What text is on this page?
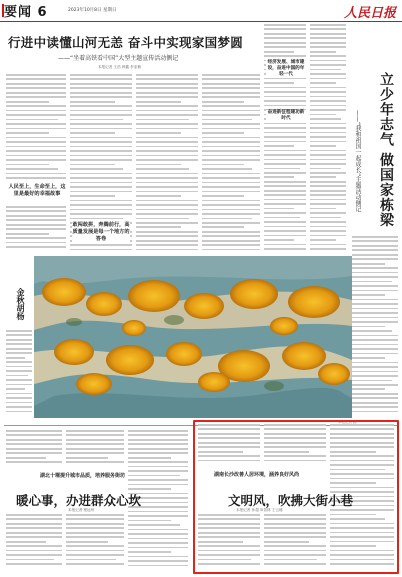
要闻 6	2023年10月8日 星期日	人民日报
行进中读懂山河无恙 奋斗中实现家国梦圆
——“坐着高铁看中国”大型主题宣传活动侧记
本报记者 王浩 韩鑫 李亚楠
人民至上，生命至上，这里是最好的幸福故事
敢闯敢拼，奔腾前行，高质量发展是每一个地方的答卷
经济发展、城市建设，奋进中国的年轻一代
奋进新征程建功新时代	立少年志气 做国家栋梁
——“我和祖国一起成长”主题活动侧记
金秋胡杨
本报记者 摄
湖北十堰提升城市品质，培养服务街坊
暖心事，办进群众心坎
本报记者 程远州
湖南长沙改善人居环境，涵养良好风尚
文明风，吹拂大街小巷
本报记者 孙超 申智林 王云娜
